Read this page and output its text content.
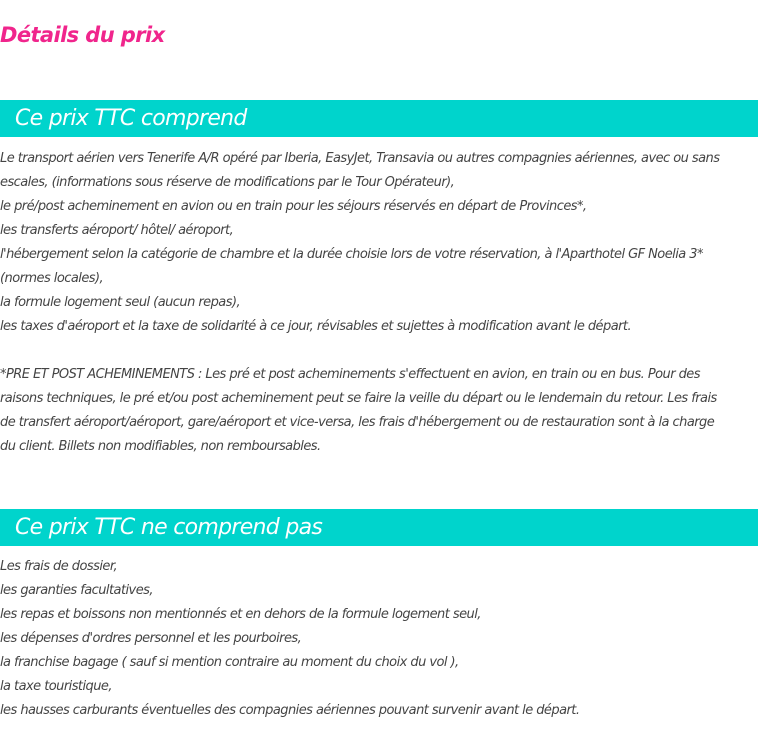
Détails du prix
Ce prix TTC comprend

Le transport aérien vers Tenerife A/R opéré par Iberia, EasyJet, Transavia ou autres compagnies aériennes, avec ou sans

escales, (informations sous réserve de modifications par le Tour Opérateur),

le pré/post acheminement en avion ou en train pour les séjours réservés en départ de Provinces*,

les transferts aéroport/ hôtel/ aéroport,

l'hébergement selon la catégorie de chambre et la durée choisie lors de votre réservation, à l'Aparthotel GF Noelia 3*

(normes locales),

la formule logement seul (aucun repas),

les taxes d'aéroport et la taxe de solidarité à ce jour, révisables et sujettes à modification avant le départ.

*PRE ET POST ACHEMINEMENTS : Les pré et post acheminements s'effectuent en avion, en train ou en bus. Pour des

raisons techniques, le pré et/ou post acheminement peut se faire la veille du départ ou le lendemain du retour. Les frais

de transfert aéroport/aéroport, gare/aéroport et vice-versa, les frais d'hébergement ou de restauration sont à la charge

du client. Billets non modifiables, non remboursables.

Ce prix TTC ne comprend pas

Les frais de dossier,

les garanties facultatives,

les repas et boissons non mentionnés et en dehors de la formule logement seul,

les dépenses d'ordres personnel et les pourboires,

la franchise bagage ( sauf si mention contraire au moment du choix du vol ),

la taxe touristique,

les hausses carburants éventuelles des compagnies aériennes pouvant survenir avant le départ.
